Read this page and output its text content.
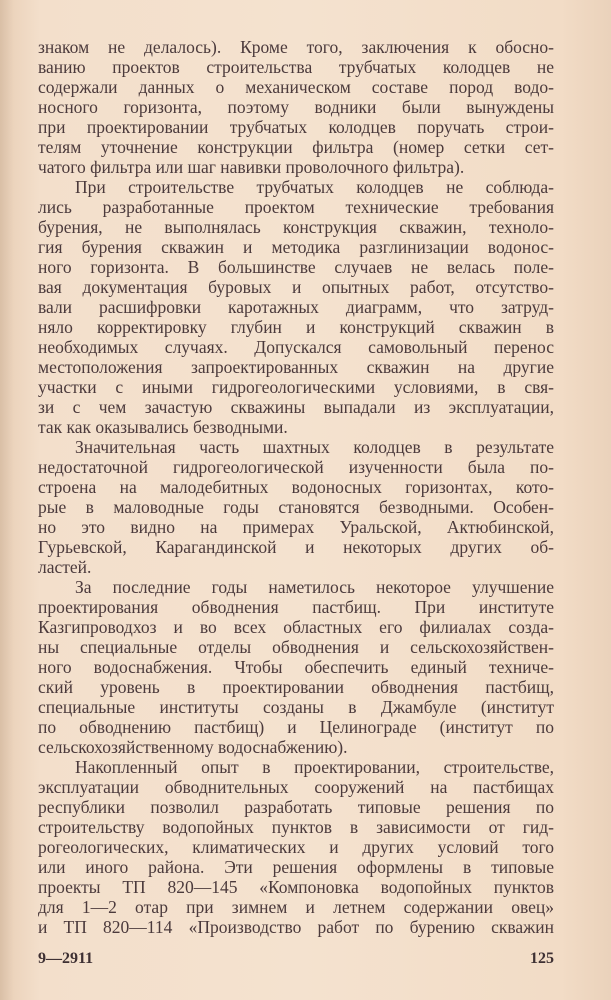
знаком не делалось). Кроме того, заключения к обосно-
ванию проектов строительства трубчатых колодцев не
содержали данных о механическом составе пород водо-
носного горизонта, поэтому водники были вынуждены
при проектировании трубчатых колодцев поручать строи-
телям уточнение конструкции фильтра (номер сетки сет-
чатого фильтра или шаг навивки проволочного фильтра).
При строительстве трубчатых колодцев не соблюда-
лись разработанные проектом технические требования
бурения, не выполнялась конструкция скважин, техноло-
гия бурения скважин и методика разглинизации водонос-
ного горизонта. В большинстве случаев не велась поле-
вая документация буровых и опытных работ, отсутство-
вали расшифровки каротажных диаграмм, что затруд-
няло корректировку глубин и конструкций скважин в
необходимых случаях. Допускался самовольный перенос
местоположения запроектированных скважин на другие
участки с иными гидрогеологическими условиями, в свя-
зи с чем зачастую скважины выпадали из эксплуатации,
так как оказывались безводными.
Значительная часть шахтных колодцев в результате
недостаточной гидрогеологической изученности была по-
строена на малодебитных водоносных горизонтах, кото-
рые в маловодные годы становятся безводными. Особен-
но это видно на примерах Уральской, Актюбинской,
Гурьевской, Карагандинской и некоторых других об-
ластей.
За последние годы наметилось некоторое улучшение
проектирования обводнения пастбищ. При институте
Казгипроводхоз и во всех областных его филиалах созда-
ны специальные отделы обводнения и сельскохозяйствен-
ного водоснабжения. Чтобы обеспечить единый техниче-
ский уровень в проектировании обводнения пастбищ,
специальные институты созданы в Джамбуле (институт
по обводнению пастбищ) и Целинограде (институт по
сельскохозяйственному водоснабжению).
Накопленный опыт в проектировании, строительстве,
эксплуатации обводнительных сооружений на пастбищах
республики позволил разработать типовые решения по
строительству водопойных пунктов в зависимости от гид-
рогеологических, климатических и других условий того
или иного района. Эти решения оформлены в типовые
проекты ТП 820—145 «Компоновка водопойных пунктов
для 1—2 отар при зимнем и летнем содержании овец»
и ТП 820—114 «Производство работ по бурению скважин
9—2911	125
